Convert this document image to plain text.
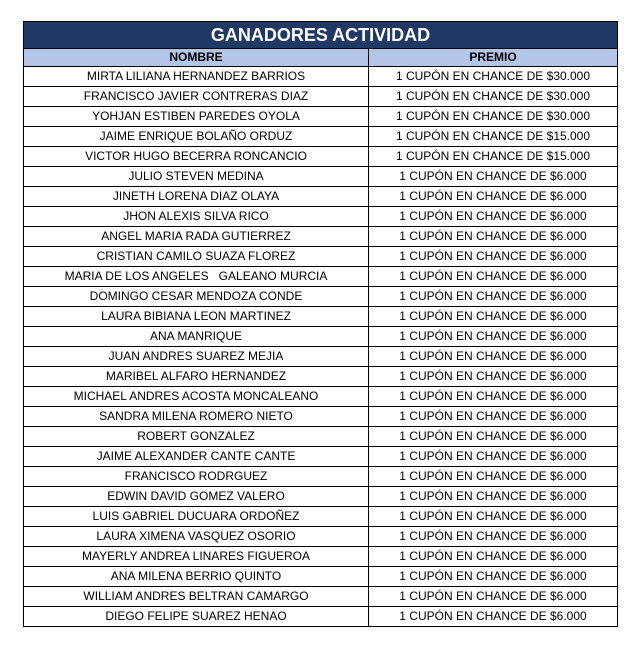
GANADORES ACTIVIDAD	
NOMBRE	PREMIO
MIRTA LILIANA HERNANDEZ BARRIOS	1 CUPÓN EN CHANCE DE $30.000
FRANCISCO JAVIER CONTRERAS DIAZ	1 CUPÓN EN CHANCE DE $30.000
YOHJAN ESTIBEN PAREDES OYOLA	1 CUPÓN EN CHANCE DE $30.000
JAIME ENRIQUE BOLAÑO ORDUZ	1 CUPÓN EN CHANCE DE $15.000
VICTOR HUGO BECERRA RONCANCIO	1 CUPÓN EN CHANCE DE $15.000
JULIO STEVEN MEDINA	1 CUPÓN EN CHANCE DE $6.000
JINETH LORENA DIAZ OLAYA	1 CUPÓN EN CHANCE DE $6.000
JHON ALEXIS SILVA RICO	1 CUPÓN EN CHANCE DE $6.000
ANGEL MARIA RADA GUTIERREZ	1 CUPÓN EN CHANCE DE $6.000
CRISTIAN CAMILO SUAZA FLOREZ	1 CUPÓN EN CHANCE DE $6.000
MARIA DE LOS ANGELES   GALEANO MURCIA	1 CUPÓN EN CHANCE DE $6.000
DOMINGO CESAR MENDOZA CONDE	1 CUPÓN EN CHANCE DE $6.000
LAURA BIBIANA LEON MARTINEZ	1 CUPÓN EN CHANCE DE $6.000
ANA MANRIQUE	1 CUPÓN EN CHANCE DE $6.000
JUAN ANDRES SUAREZ MEJIA	1 CUPÓN EN CHANCE DE $6.000
MARIBEL ALFARO HERNANDEZ	1 CUPÓN EN CHANCE DE $6.000
MICHAEL ANDRES ACOSTA MONCALEANO	1 CUPÓN EN CHANCE DE $6.000
SANDRA MILENA ROMERO NIETO	1 CUPÓN EN CHANCE DE $6.000
ROBERT GONZALEZ	1 CUPÓN EN CHANCE DE $6.000
JAIME ALEXANDER CANTE CANTE	1 CUPÓN EN CHANCE DE $6.000
FRANCISCO RODRGUEZ	1 CUPÓN EN CHANCE DE $6.000
EDWIN DAVID GOMEZ VALERO	1 CUPÓN EN CHANCE DE $6.000
LUIS GABRIEL DUCUARA ORDOÑEZ	1 CUPÓN EN CHANCE DE $6.000
LAURA XIMENA VASQUEZ OSORIO	1 CUPÓN EN CHANCE DE $6.000
MAYERLY ANDREA LINARES FIGUEROA	1 CUPÓN EN CHANCE DE $6.000
ANA MILENA BERRIO QUINTO	1 CUPÓN EN CHANCE DE $6.000
WILLIAM ANDRES BELTRAN CAMARGO	1 CUPÓN EN CHANCE DE $6.000
DIEGO FELIPE SUAREZ HENAO	1 CUPÓN EN CHANCE DE $6.000
